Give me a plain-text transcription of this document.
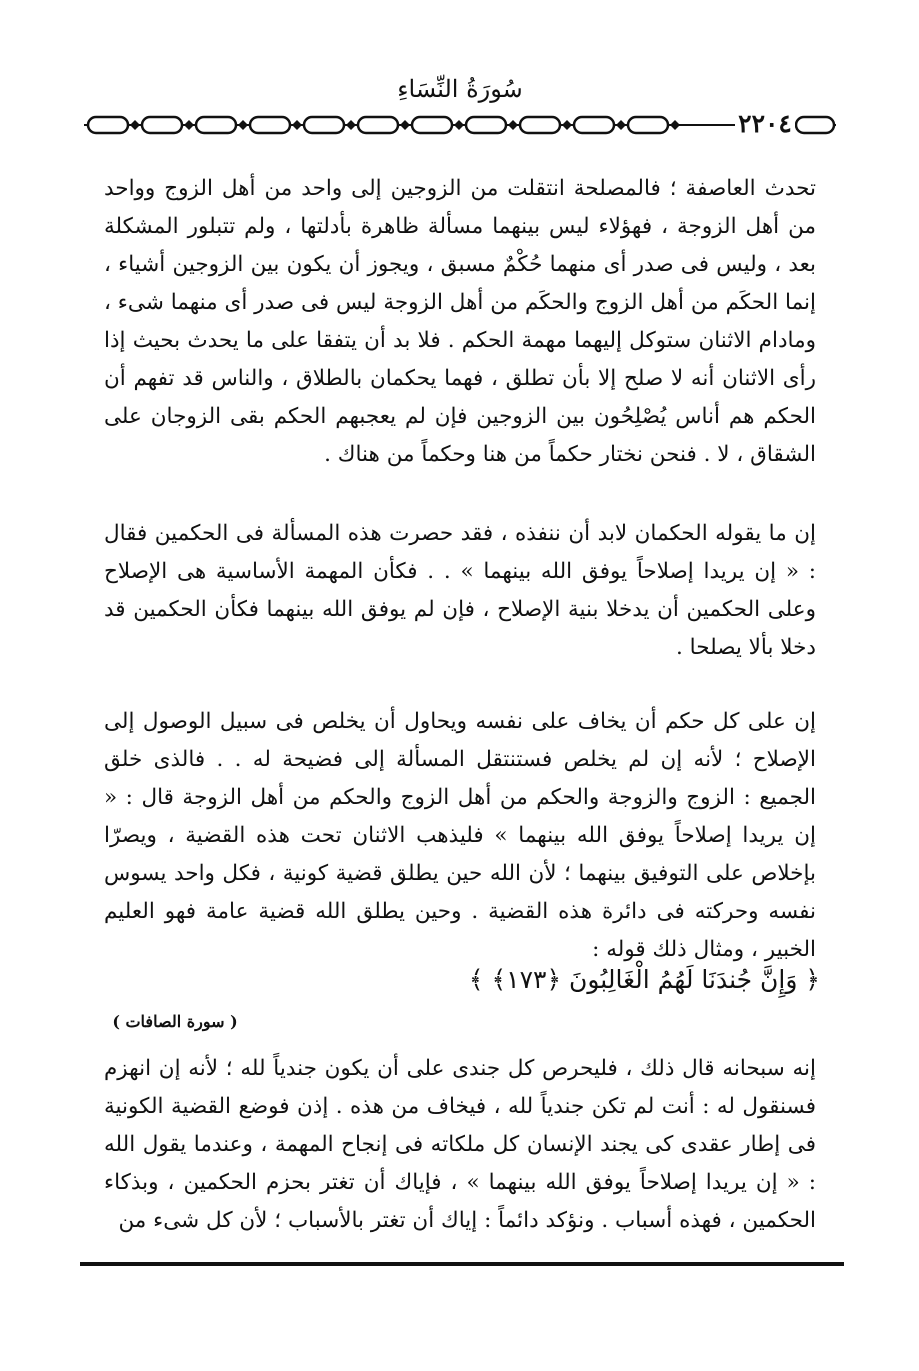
سُورَةُ النِّسَاءِ
٢٢٠٤
تحدث العاصفة ؛ فالمصلحة انتقلت من الزوجين إلى واحد من أهل الزوج وواحد من أهل الزوجة ، فهؤلاء ليس بينهما مسألة ظاهرة بأدلتها ، ولم تتبلور المشكلة بعد ، وليس فى صدر أى منهما حُكْمٌ مسبق ، ويجوز أن يكون بين الزوجين أشياء ، إنما الحكَم من أهل الزوج والحكَم من أهل الزوجة ليس فى صدر أى منهما شىء ، ومادام الاثنان ستوكل إليهما مهمة الحكم . فلا بد أن يتفقا على ما يحدث بحيث إذا رأى الاثنان أنه لا صلح إلا بأن تطلق ، فهما يحكمان بالطلاق ، والناس قد تفهم أن الحكم هم أناس يُصْلِحُون بين الزوجين فإن لم يعجبهم الحكم بقى الزوجان على الشقاق ، لا . فنحن نختار حكماً من هنا وحكماً من هناك .
إن ما يقوله الحكمان لابد أن ننفذه ، فقد حصرت هذه المسألة فى الحكمين فقال : « إن يريدا إصلاحاً يوفق الله بينهما » . . فكأن المهمة الأساسية هى الإصلاح وعلى الحكمين أن يدخلا بنية الإصلاح ، فإن لم يوفق الله بينهما فكأن الحكمين قد دخلا بألا يصلحا .
إن على كل حكم أن يخاف على نفسه ويحاول أن يخلص فى سبيل الوصول إلى الإصلاح ؛ لأنه إن لم يخلص فستنتقل المسألة إلى فضيحة له . . فالذى خلق الجميع : الزوج والزوجة والحكم من أهل الزوج والحكم من أهل الزوجة قال : « إن يريدا إصلاحاً يوفق الله بينهما » فليذهب الاثنان تحت هذه القضية ، ويصرّا بإخلاص على التوفيق بينهما ؛ لأن الله حين يطلق قضية كونية ، فكل واحد يسوس نفسه وحركته فى دائرة هذه القضية . وحين يطلق الله قضية عامة فهو العليم الخبير ، ومثال ذلك قوله :
﴿ وَإِنَّ جُندَنَا لَهُمُ الْغَالِبُونَ ﴿١٧٣﴾ ﴾
( سورة الصافات )
إنه سبحانه قال ذلك ، فليحرص كل جندى على أن يكون جندياً لله ؛ لأنه إن انهزم فسنقول له : أنت لم تكن جندياً لله ، فيخاف من هذه . إذن فوضع القضية الكونية فى إطار عقدى كى يجند الإنسان كل ملكاته فى إنجاح المهمة ، وعندما يقول الله : « إن يريدا إصلاحاً يوفق الله بينهما » ، فإياك أن تغتر بحزم الحكمين ، وبذكاء الحكمين ، فهذه أسباب . ونؤكد دائماً : إياك أن تغتر بالأسباب ؛ لأن كل شىء من
